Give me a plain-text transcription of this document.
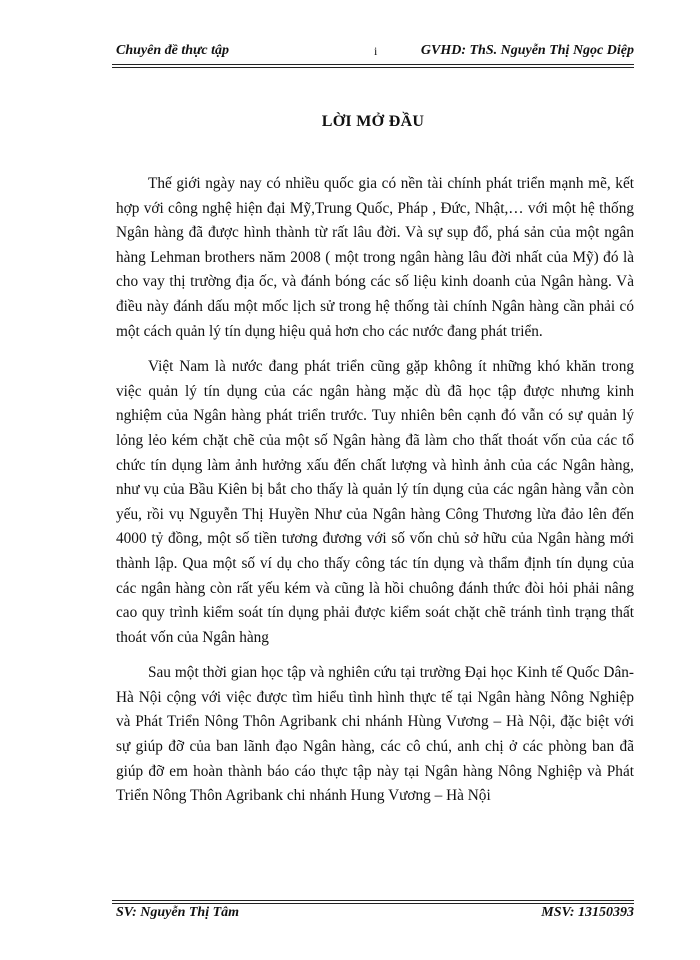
Chuyên đề thực tập	i	GVHD: ThS. Nguyễn Thị Ngọc Diệp
LỜI MỞ ĐẦU

Thế giới ngày nay có nhiều quốc gia có nền tài chính phát triển mạnh mẽ, kết hợp với công nghệ hiện đại Mỹ,Trung Quốc, Pháp , Đức, Nhật,… với một hệ thống Ngân hàng đã được hình thành từ rất lâu đời. Và sự sụp đổ, phá sản của một ngân hàng Lehman brothers năm 2008 ( một trong ngân hàng lâu đời nhất của Mỹ) đó là cho vay thị trường địa ốc, và đánh bóng các số liệu kinh doanh của Ngân hàng. Và điều này đánh dấu một mốc lịch sử trong hệ thống tài chính Ngân hàng cần phải có một cách quản lý tín dụng hiệu quả hơn cho các nước đang phát triển.

Việt Nam là nước đang phát triển cũng gặp không ít những khó khăn trong việc quản lý tín dụng của các ngân hàng mặc dù đã học tập được nhưng kinh nghiệm của Ngân hàng phát triển trước. Tuy nhiên bên cạnh đó vẫn có sự quản lý lỏng lẻo kém chặt chẽ của một số Ngân hàng đã làm cho thất thoát vốn của các tổ chức tín dụng làm ảnh hưởng xấu đến chất lượng và hình ảnh của các Ngân hàng, như vụ của Bầu Kiên bị bắt cho thấy là quản lý tín dụng của các ngân hàng vẫn còn yếu, rồi vụ Nguyễn Thị Huyền Như của Ngân hàng Công Thương lừa đảo lên đến 4000 tỷ đồng, một số tiền tương đương với số vốn chủ sở hữu của Ngân hàng mới thành lập. Qua một số ví dụ cho thấy công tác tín dụng và thẩm định tín dụng của các ngân hàng còn rất yếu kém và cũng là hồi chuông đánh thức đòi hỏi phải nâng cao quy trình kiểm soát tín dụng phải được kiểm soát chặt chẽ tránh tình trạng thất thoát vốn của Ngân hàng

Sau một thời gian học tập và nghiên cứu tại trường Đại học Kinh tế Quốc Dân- Hà Nội cộng với việc được tìm hiểu tình hình thực tế tại Ngân hàng Nông Nghiệp và Phát Triển Nông Thôn Agribank chi nhánh Hùng Vương – Hà Nội, đặc biệt với sự giúp đỡ của ban lãnh đạo Ngân hàng, các cô chú, anh chị ở các phòng ban đã giúp đỡ em hoàn thành báo cáo thực tập này tại Ngân hàng Nông Nghiệp và Phát Triển Nông Thôn Agribank chi nhánh Hung Vương – Hà Nội

SV: Nguyễn Thị Tâm	MSV: 13150393
